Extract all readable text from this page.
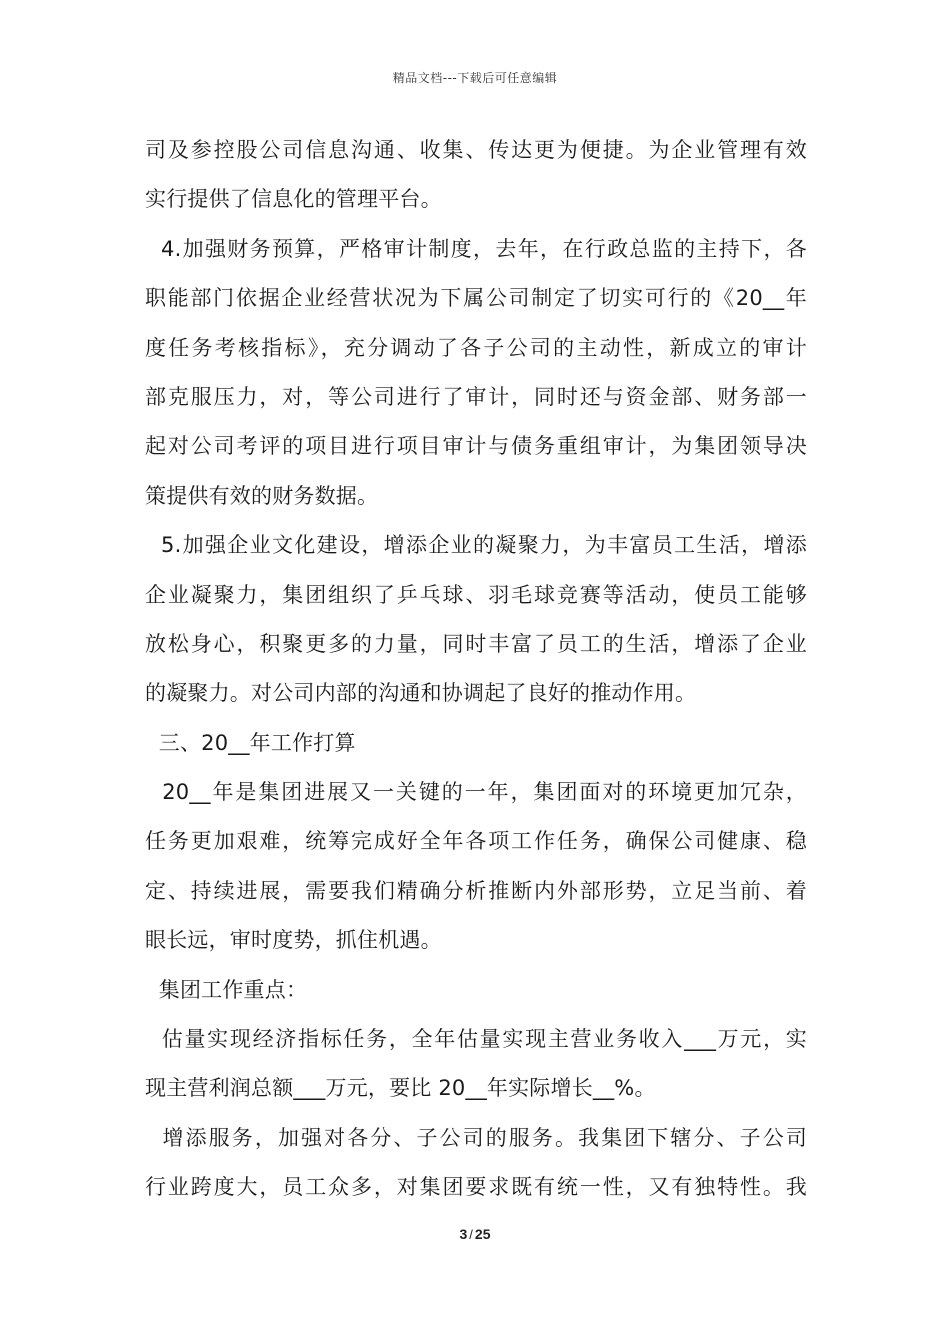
精品文档---下载后可任意编辑
司及参控股公司信息沟通、收集、传达更为便捷。为企业管理有效
实行提供了信息化的管理平台。
4.加强财务预算，严格审计制度，去年，在行政总监的主持下，各
职能部门依据企业经营状况为下属公司制定了切实可行的《20__年
度任务考核指标》，充分调动了各子公司的主动性，新成立的审计
部克服压力，对，等公司进行了审计，同时还与资金部、财务部一
起对公司考评的项目进行项目审计与债务重组审计，为集团领导决
策提供有效的财务数据。
5.加强企业文化建设，增添企业的凝聚力，为丰富员工生活，增添
企业凝聚力，集团组织了乒乓球、羽毛球竞赛等活动，使员工能够
放松身心，积聚更多的力量，同时丰富了员工的生活，增添了企业
的凝聚力。对公司内部的沟通和协调起了良好的推动作用。
三、20__年工作打算
20__年是集团进展又一关键的一年，集团面对的环境更加冗杂，
任务更加艰难，统筹完成好全年各项工作任务，确保公司健康、稳
定、持续进展，需要我们精确分析推断内外部形势，立足当前、着
眼长远，审时度势，抓住机遇。
集团工作重点：
估量实现经济指标任务，全年估量实现主营业务收入___万元，实
现主营利润总额___万元，要比 20__年实际增长__%。
增添服务，加强对各分、子公司的服务。我集团下辖分、子公司
行业跨度大，员工众多，对集团要求既有统一性，又有独特性。我
3 / 25
